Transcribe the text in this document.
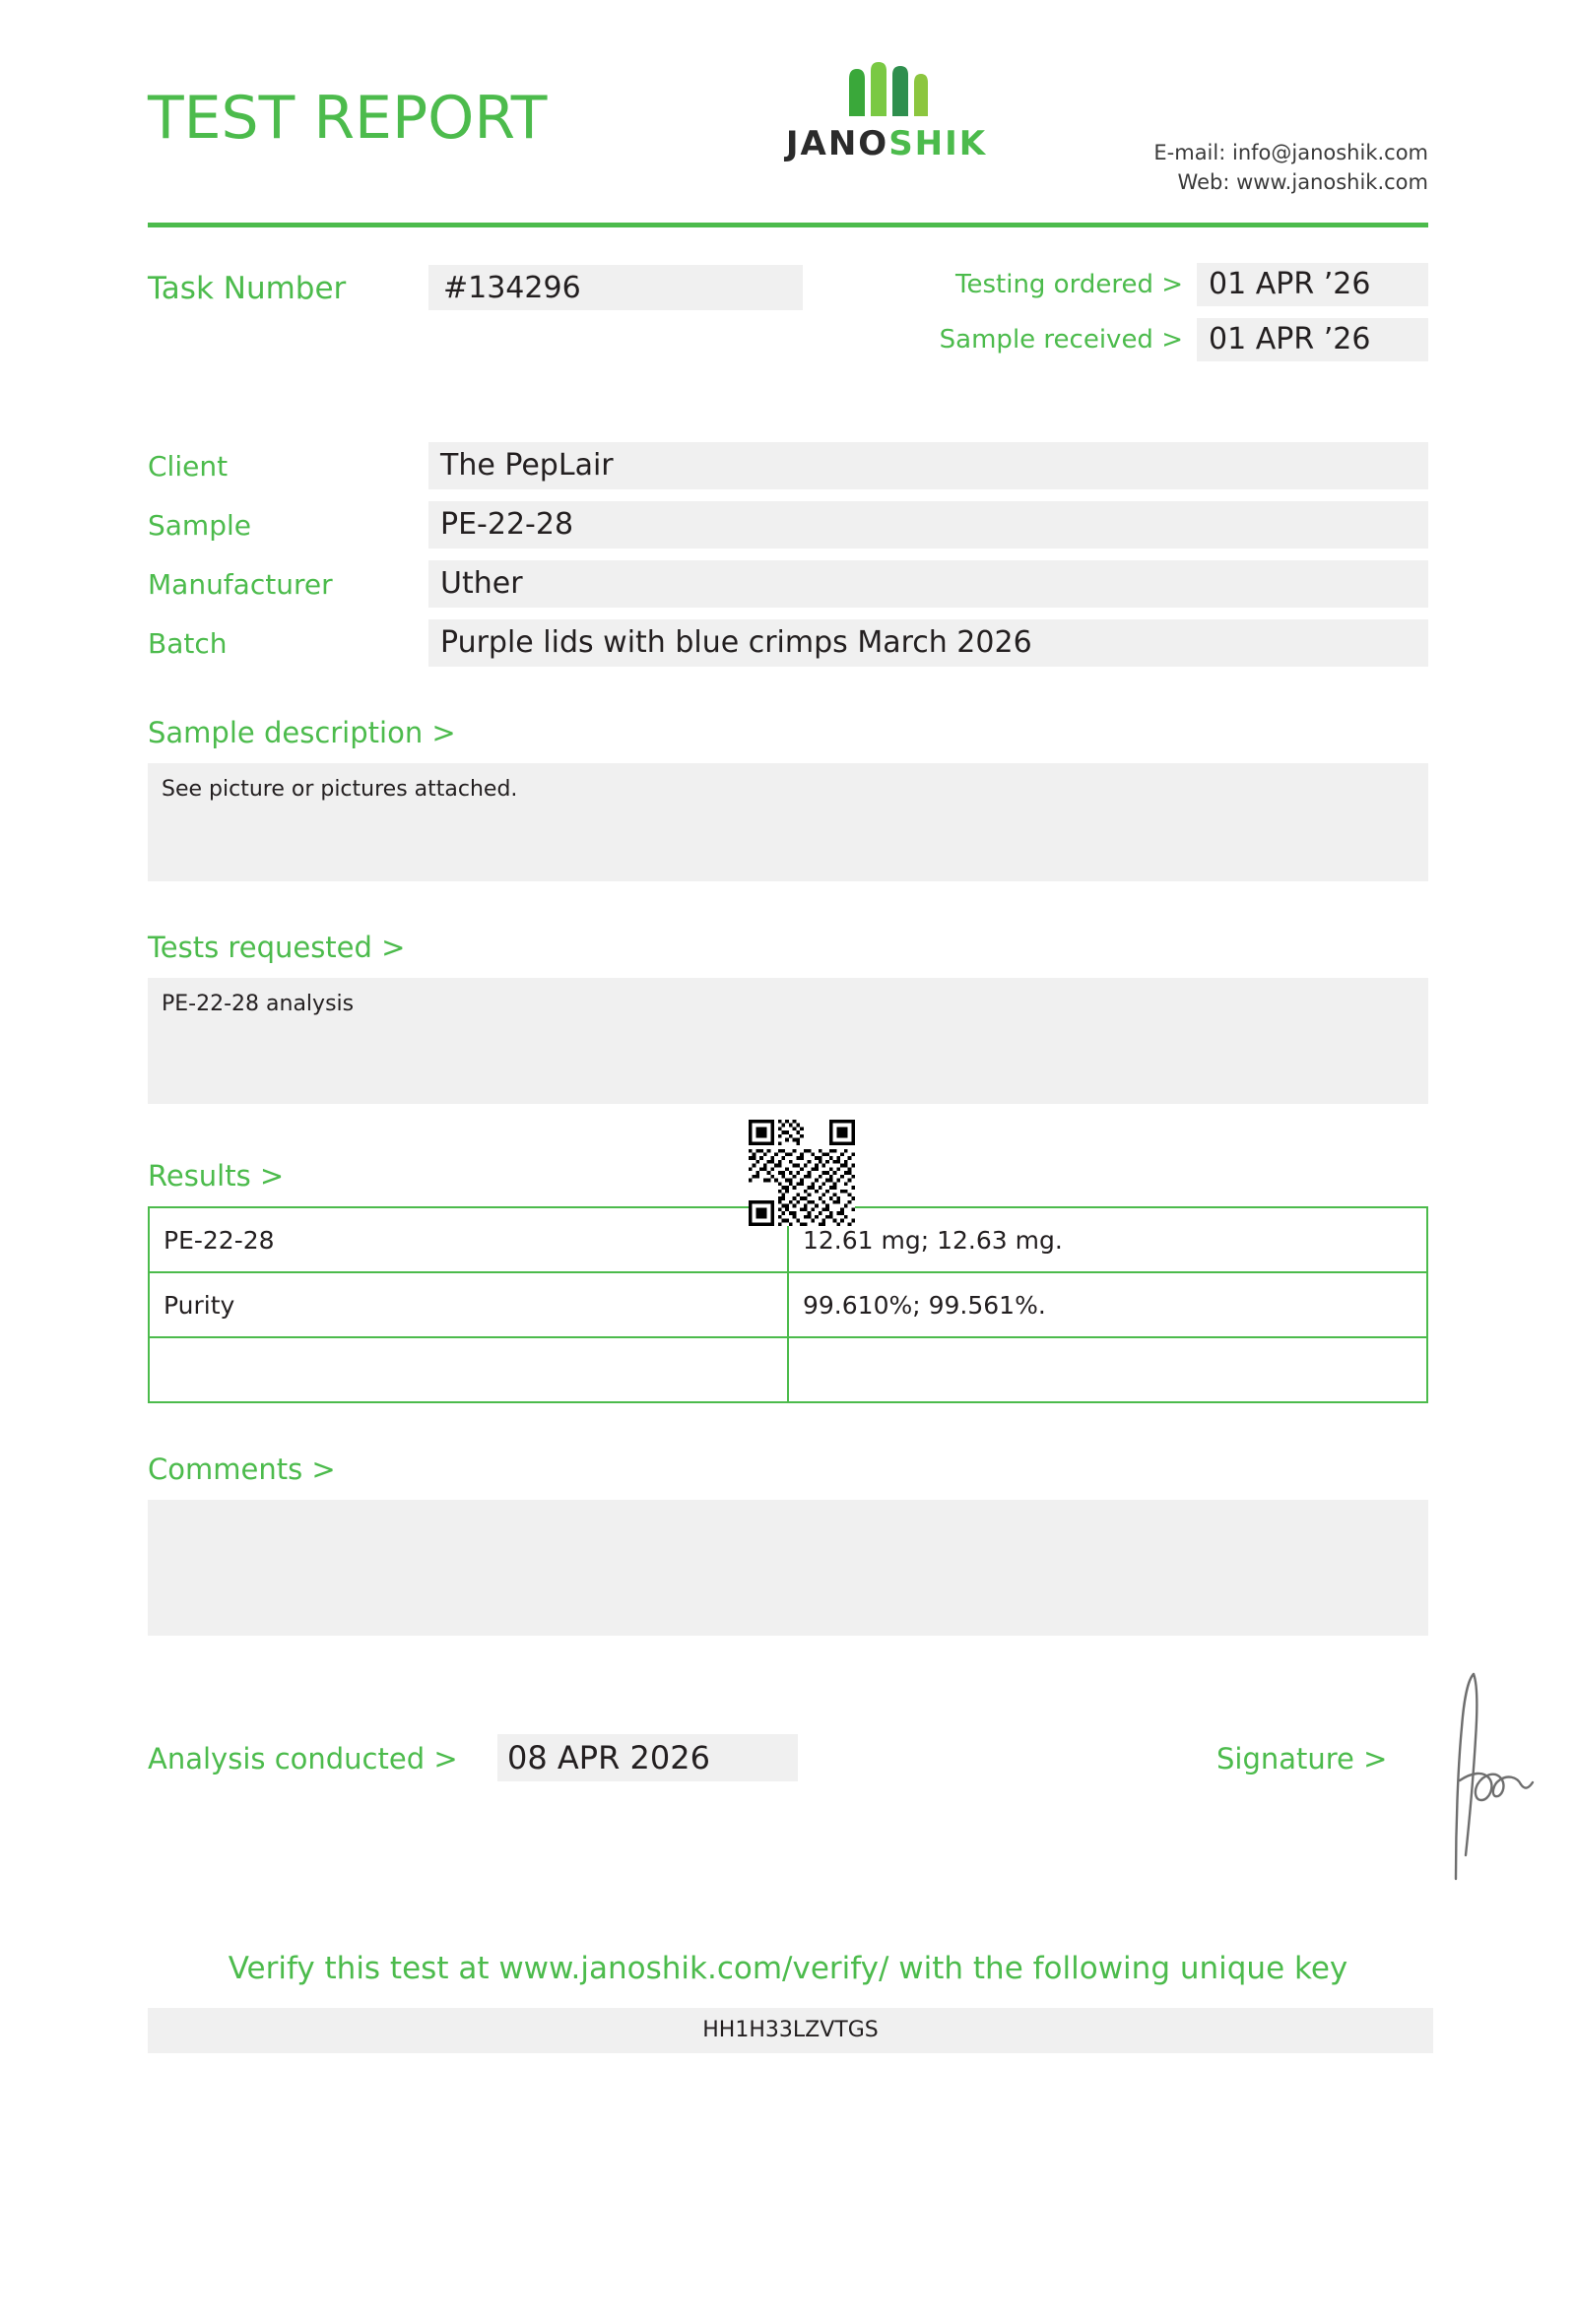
TEST REPORT	JANOSHIK	E-mail: info@janoshik.com
Web: www.janoshik.com
Task Number	#134296	Testing ordered > 01 APR ’26
Sample received > 01 APR ’26
Client	The PepLair
Sample	PE-22-28
Manufacturer	Uther
Batch	Purple lids with blue crimps March 2026
Sample description >
See picture or pictures attached.
Tests requested >
PE-22-28 analysis
Results >
PE-22-28	12.61 mg; 12.63 mg.
Purity	99.610%; 99.561%.

Comments >
Analysis conducted >	08 APR 2026	Signature >
Verify this test at www.janoshik.com/verify/ with the following unique key
HH1H33LZVTGS
